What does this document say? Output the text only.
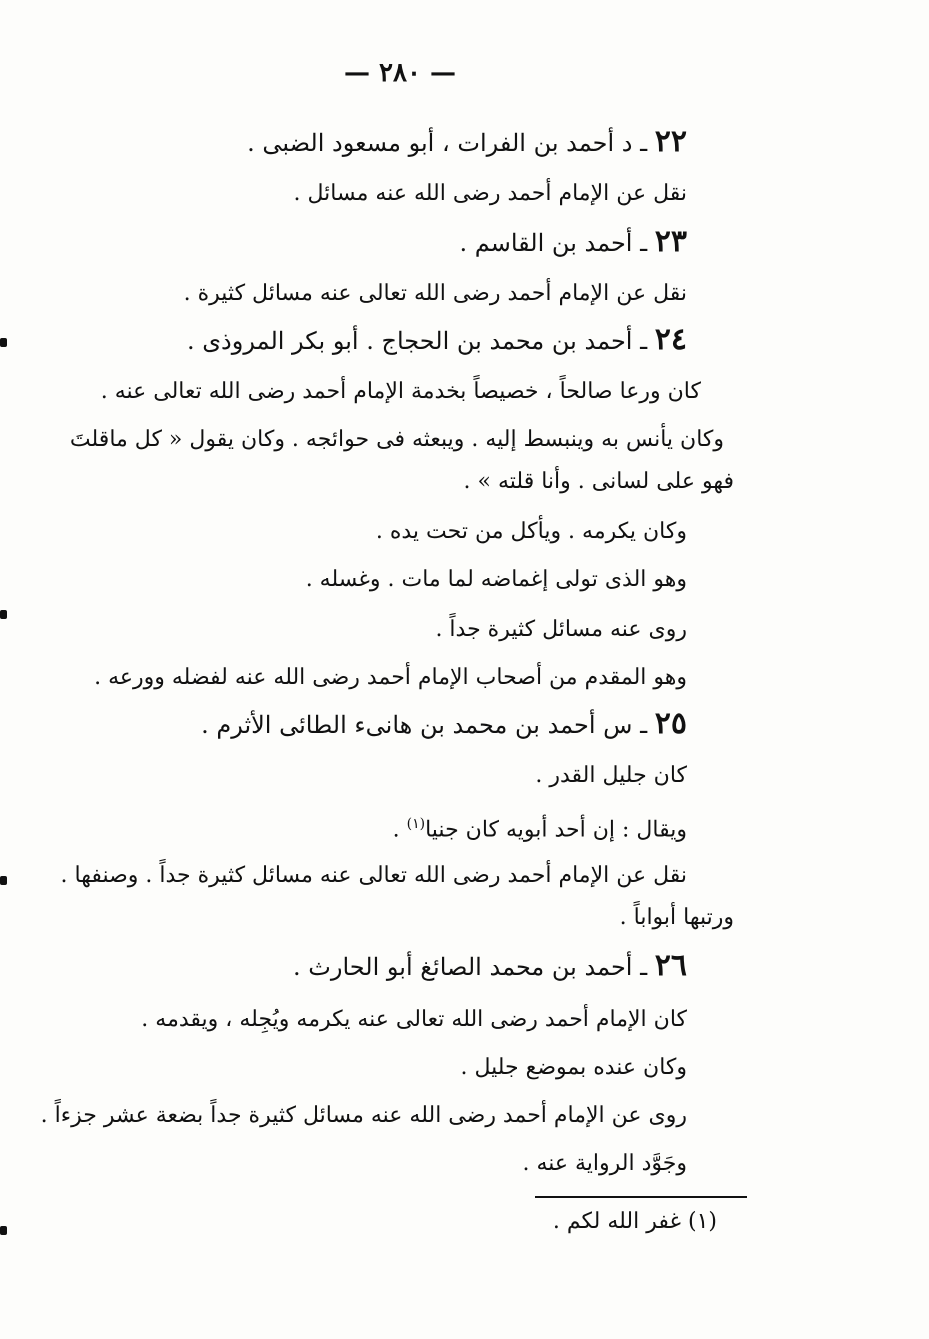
— ٢٨٠ —
٢٢ ـ د أحمد بن الفرات ، أبو مسعود الضبى .
نقل عن الإمام أحمد رضى الله عنه مسائل .
٢٣ ـ أحمد بن القاسم .
نقل عن الإمام أحمد رضى الله تعالى عنه مسائل كثيرة .
٢٤ ـ أحمد بن محمد بن الحجاج . أبو بكر المروذى .
كان ورعا صالحاً ، خصيصاً بخدمة الإمام أحمد رضى الله تعالى عنه .
وكان يأنس به وينبسط إليه . ويبعثه فى حوائجه . وكان يقول « كل ماقلتَ
فهو على لسانى . وأنا قلته » .
وكان يكرمه . ويأكل من تحت يده .
وهو الذى تولى إغماضه لما مات . وغسله .
روى عنه مسائل كثيرة جداً .
وهو المقدم من أصحاب الإمام أحمد رضى الله عنه لفضله وورعه .
٢٥ ـ س أحمد بن محمد بن هانىء الطائى الأثرم .
كان جليل القدر .
ويقال : إن أحد أبويه كان جنيا$^{(١)}$ .
نقل عن الإمام أحمد رضى الله تعالى عنه مسائل كثيرة جداً . وصنفها .
ورتبها أبواباً .
٢٦ ـ أحمد بن محمد الصائغ أبو الحارث .
كان الإمام أحمد رضى الله تعالى عنه يكرمه ويُجِله ، ويقدمه .
وكان عنده بموضع جليل .
روى عن الإمام أحمد رضى الله عنه مسائل كثيرة جداً بضعة عشر جزءاً .
وجَوَّد الرواية عنه .
(١) غفر الله لكم .
